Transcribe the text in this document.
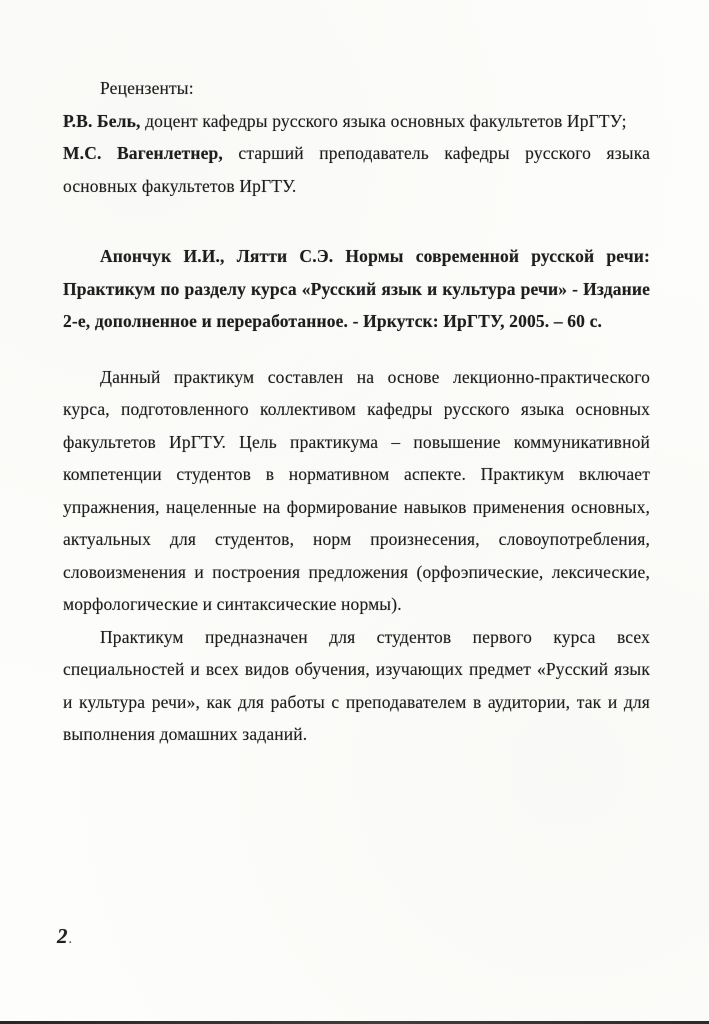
Рецензенты:

Р.В. Бель, доцент кафедры русского языка основных факультетов ИрГТУ;

М.С. Вагенлетнер, старший преподаватель кафедры русского языка основных факультетов ИрГТУ.

Апончук И.И., Лятти С.Э. Нормы современной русской речи: Практикум по разделу курса «Русский язык и культура речи» - Издание 2-е, дополненное и переработанное. - Иркутск: ИрГТУ, 2005. – 60 с.

Данный практикум составлен на основе лекционно-практического курса, подготовленного коллективом кафедры русского языка основных факультетов ИрГТУ. Цель практикума – повышение коммуникативной компетенции студентов в нормативном аспекте. Практикум включает упражнения, нацеленные на формирование навыков применения основных, актуальных для студентов, норм произнесения, словоупотребления, словоизменения и построения предложения (орфоэпические, лексические, морфологические и синтаксические нормы).

Практикум предназначен для студентов первого курса всех специальностей и всех видов обучения, изучающих предмет «Русский язык и культура речи», как для работы с преподавателем в аудитории, так и для выполнения домашних заданий.

2.
